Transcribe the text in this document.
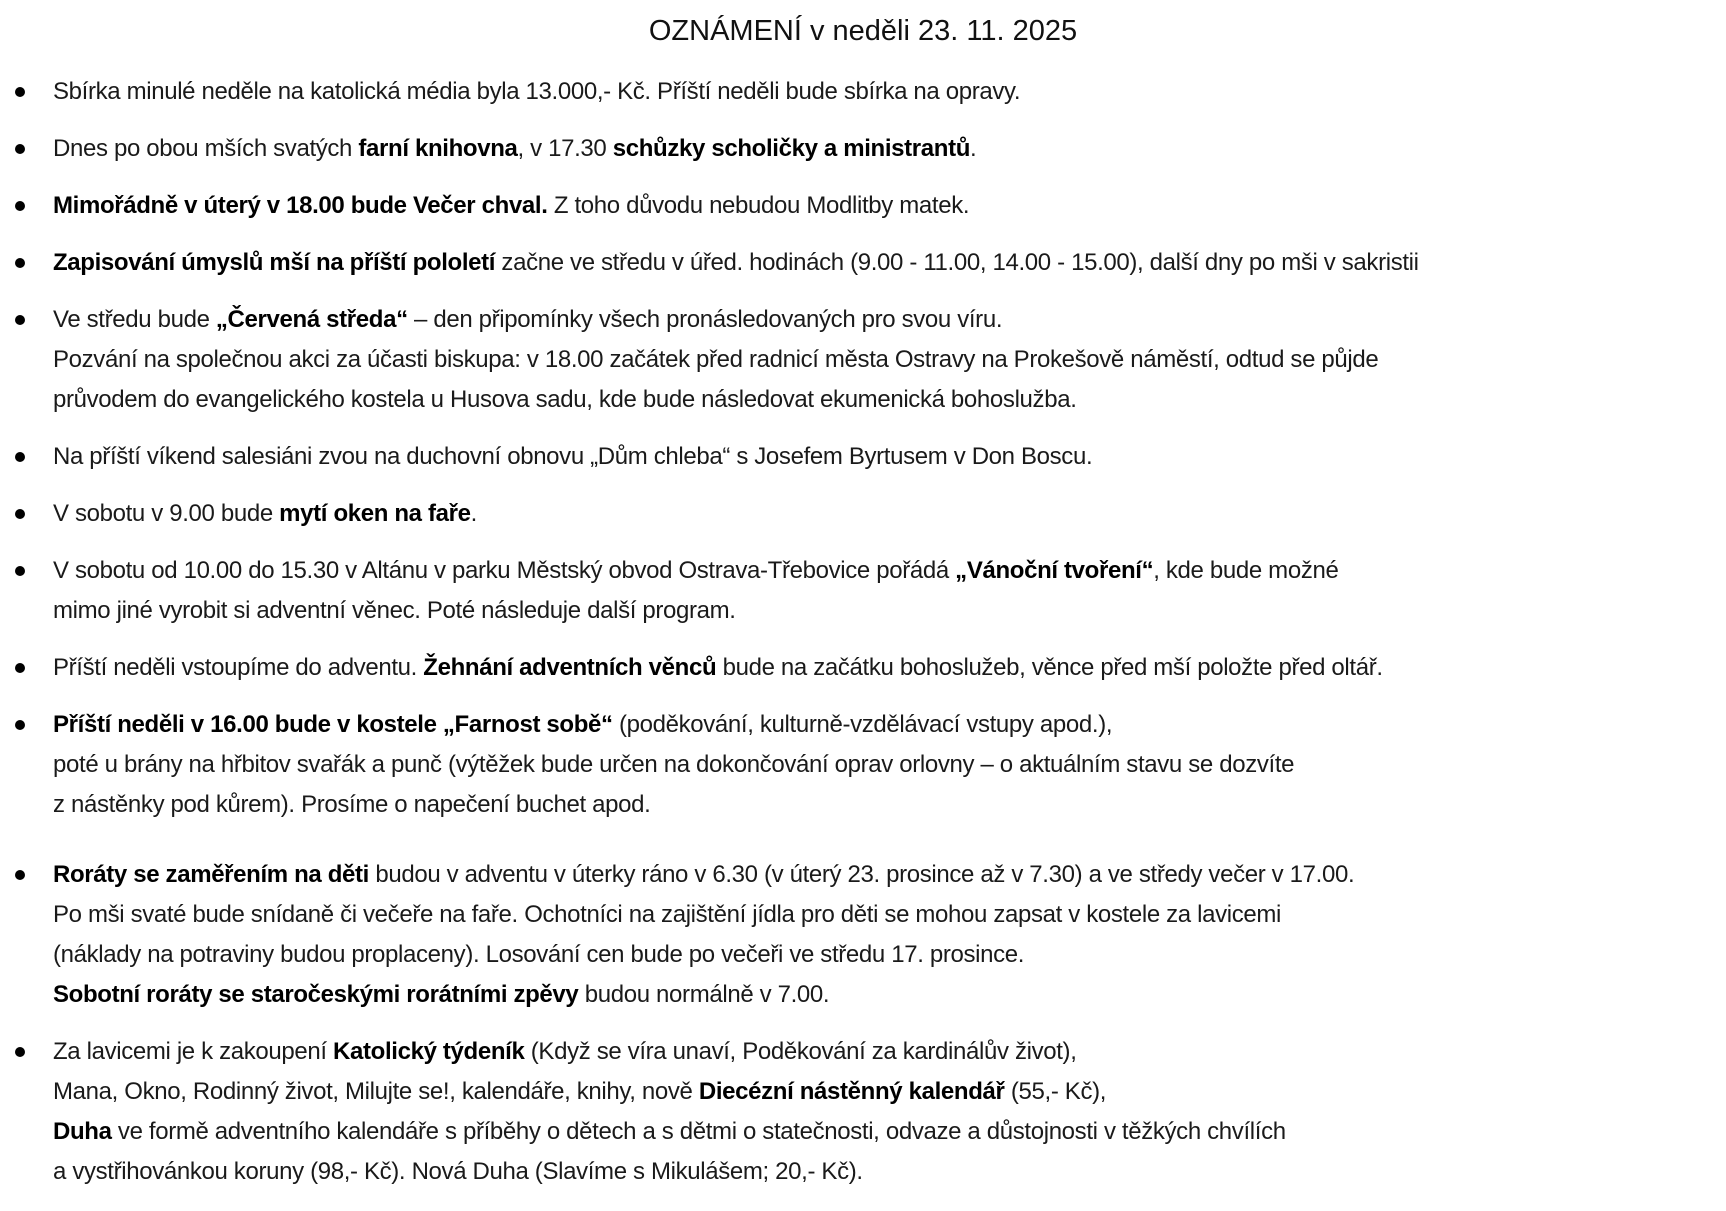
OZNÁMENÍ v neděli 23. 11. 2025
Sbírka minulé neděle na katolická média byla 13.000,- Kč. Příští neděli bude sbírka na opravy.
Dnes po obou mších svatých farní knihovna, v 17.30 schůzky scholičky a ministrantů.
Mimořádně v úterý v 18.00 bude Večer chval. Z toho důvodu nebudou Modlitby matek.
Zapisování úmyslů mší na příští pololetí začne ve středu v úřed. hodinách (9.00 - 11.00, 14.00 - 15.00), další dny po mši v sakristii
Ve středu bude „Červená středa“ – den připomínky všech pronásledovaných pro svou víru.
Pozvání na společnou akci za účasti biskupa: v 18.00 začátek před radnicí města Ostravy na Prokešově náměstí, odtud se půjde
průvodem do evangelického kostela u Husova sadu, kde bude následovat ekumenická bohoslužba.
Na příští víkend salesiáni zvou na duchovní obnovu „Dům chleba“ s Josefem Byrtusem v Don Boscu.
V sobotu v 9.00 bude mytí oken na faře.
V sobotu od 10.00 do 15.30 v Altánu v parku Městský obvod Ostrava-Třebovice pořádá „Vánoční tvoření“, kde bude možné
mimo jiné vyrobit si adventní věnec. Poté následuje další program.
Příští neděli vstoupíme do adventu. Žehnání adventních věnců bude na začátku bohoslužeb, věnce před mší položte před oltář.
Příští neděli v 16.00 bude v kostele „Farnost sobě“ (poděkování, kulturně-vzdělávací vstupy apod.),
poté u brány na hřbitov svařák a punč (výtěžek bude určen na dokončování oprav orlovny – o aktuálním stavu se dozvíte
z nástěnky pod kůrem). Prosíme o napečení buchet apod.
Roráty se zaměřením na děti budou v adventu v úterky ráno v 6.30 (v úterý 23. prosince až v 7.30) a ve středy večer v 17.00.
Po mši svaté bude snídaně či večeře na faře. Ochotníci na zajištění jídla pro děti se mohou zapsat v kostele za lavicemi
(náklady na potraviny budou proplaceny). Losování cen bude po večeři ve středu 17. prosince.
Sobotní roráty se staročeskými rorátními zpěvy budou normálně v 7.00.
Za lavicemi je k zakoupení Katolický týdeník (Když se víra unaví, Poděkování za kardinálův život),
Mana, Okno, Rodinný život, Milujte se!, kalendáře, knihy, nově Diecézní nástěnný kalendář (55,- Kč),
Duha ve formě adventního kalendáře s příběhy o dětech a s dětmi o statečnosti, odvaze a důstojnosti v těžkých chvílích
a vystřihovánkou koruny (98,- Kč). Nová Duha (Slavíme s Mikulášem; 20,- Kč).
